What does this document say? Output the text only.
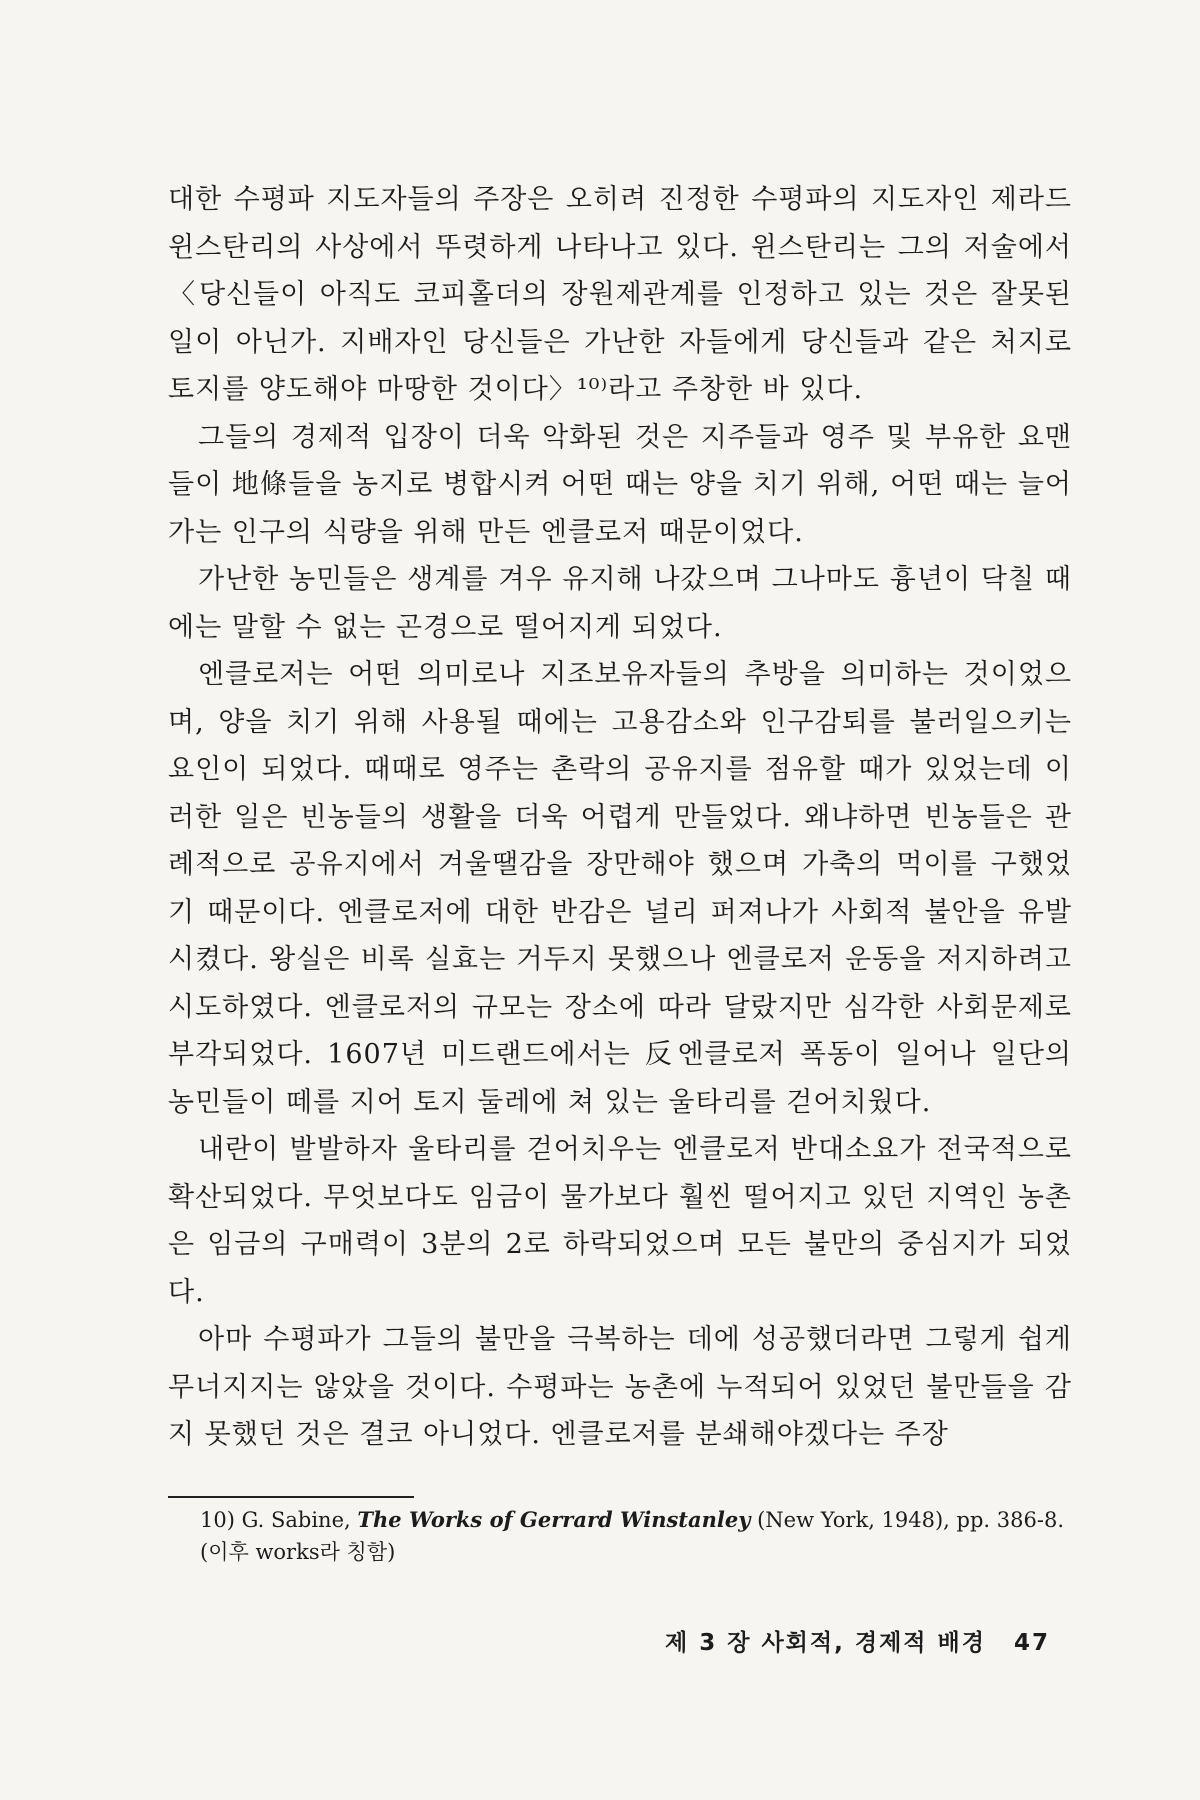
대한 수평파 지도자들의 주장은 오히려 진정한 수평파의 지도자인 제라드 윈스탄리의 사상에서 뚜렷하게 나타나고 있다. 윈스탄리는 그의 저술에서 〈당신들이 아직도 코피홀더의 장원제관계를 인정하고 있는 것은 잘못된 일이 아닌가. 지배자인 당신들은 가난한 자들에게 당신들과 같은 처지로 토지를 양도해야 마땅한 것이다〉¹⁰⁾라고 주창한 바 있다.

그들의 경제적 입장이 더욱 악화된 것은 지주들과 영주 및 부유한 요맨들이 地條들을 농지로 병합시켜 어떤 때는 양을 치기 위해, 어떤 때는 늘어가는 인구의 식량을 위해 만든 엔클로저 때문이었다.

가난한 농민들은 생계를 겨우 유지해 나갔으며 그나마도 흉년이 닥칠 때에는 말할 수 없는 곤경으로 떨어지게 되었다.

엔클로저는 어떤 의미로나 지조보유자들의 추방을 의미하는 것이었으며, 양을 치기 위해 사용될 때에는 고용감소와 인구감퇴를 불러일으키는 요인이 되었다. 때때로 영주는 촌락의 공유지를 점유할 때가 있었는데 이러한 일은 빈농들의 생활을 더욱 어렵게 만들었다. 왜냐하면 빈농들은 관례적으로 공유지에서 겨울땔감을 장만해야 했으며 가축의 먹이를 구했었기 때문이다. 엔클로저에 대한 반감은 널리 퍼져나가 사회적 불안을 유발시켰다. 왕실은 비록 실효는 거두지 못했으나 엔클로저 운동을 저지하려고 시도하였다. 엔클로저의 규모는 장소에 따라 달랐지만 심각한 사회문제로 부각되었다. 1607년 미드랜드에서는 反엔클로저 폭동이 일어나 일단의 농민들이 떼를 지어 토지 둘레에 쳐 있는 울타리를 걷어치웠다.

내란이 발발하자 울타리를 걷어치우는 엔클로저 반대소요가 전국적으로 확산되었다. 무엇보다도 임금이 물가보다 훨씬 떨어지고 있던 지역인 농촌은 임금의 구매력이 3분의 2로 하락되었으며 모든 불만의 중심지가 되었다.

아마 수평파가 그들의 불만을 극복하는 데에 성공했더라면 그렇게 쉽게 무너지지는 않았을 것이다. 수평파는 농촌에 누적되어 있었던 불만들을 감지 못했던 것은 결코 아니었다. 엔클로저를 분쇄해야겠다는 주장

10) G. Sabine, The Works of Gerrard Winstanley (New York, 1948), pp. 386-8.
(이후 works라 칭함)
제 3 장 사회적, 경제적 배경 47
